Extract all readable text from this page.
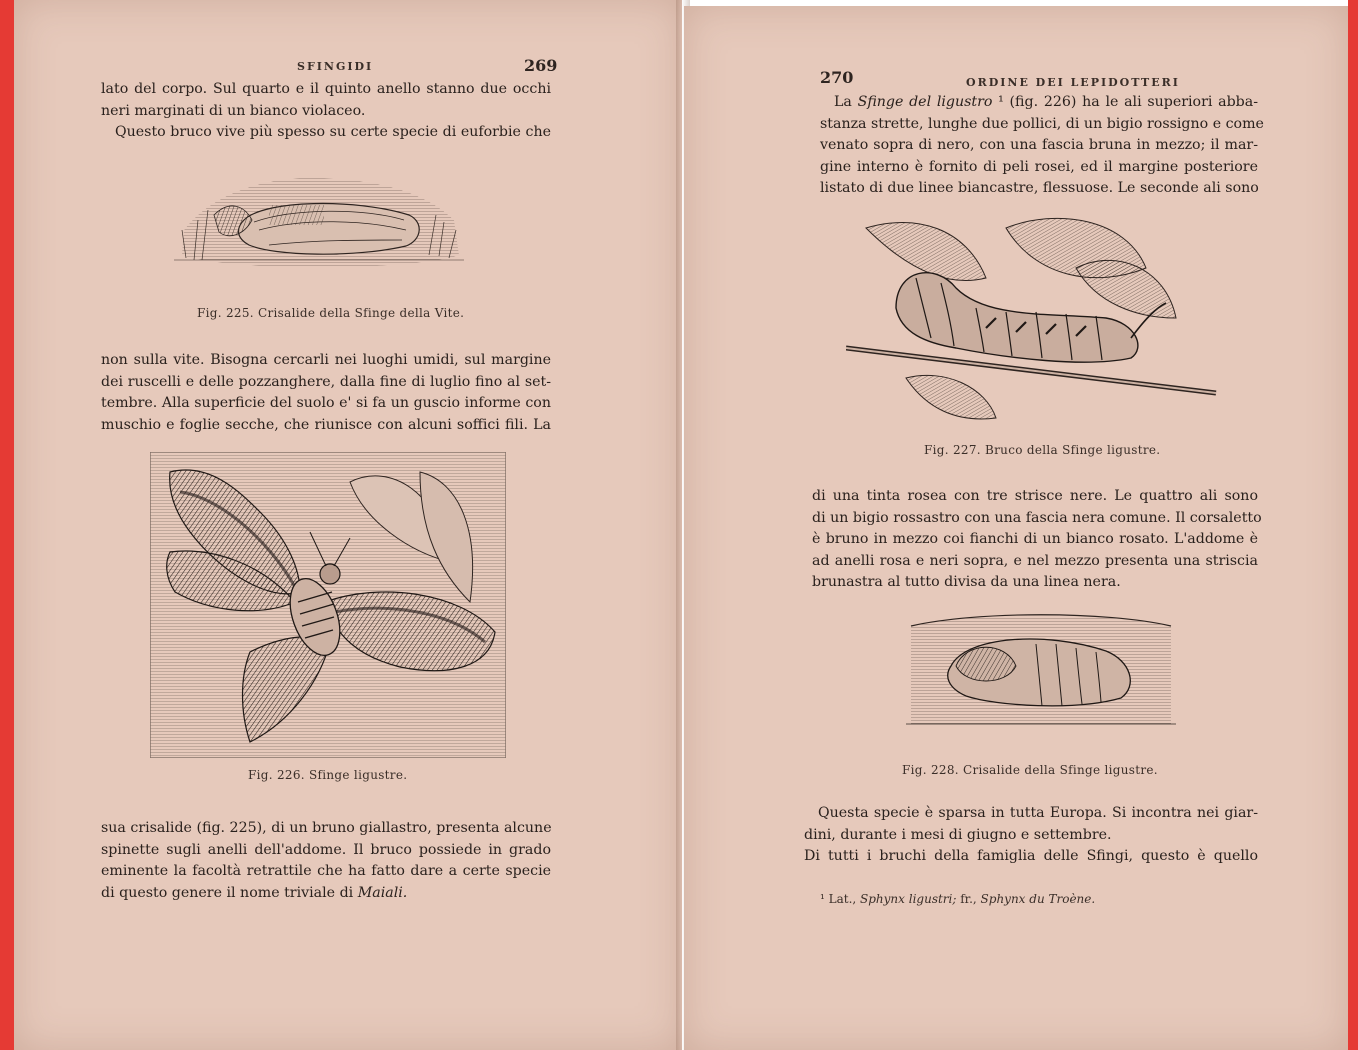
SFINGIDI	269
lato del corpo. Sul quarto e il quinto anello stanno due occhi
neri marginati di un bianco violaceo.
Questo bruco vive più spesso su certe specie di euforbie che
Fig. 225. Crisalide della Sfinge della Vite.
non sulla vite. Bisogna cercarli nei luoghi umidi, sul margine
dei ruscelli e delle pozzanghere, dalla fine di luglio fino al set-
tembre. Alla superficie del suolo e' si fa un guscio informe con
muschio e foglie secche, che riunisce con alcuni soffici fili. La
Fig. 226. Sfinge ligustre.
sua crisalide (fig. 225), di un bruno giallastro, presenta alcune
spinette sugli anelli dell'addome. Il bruco possiede in grado
eminente la facoltà retrattile che ha fatto dare a certe specie
di questo genere il nome triviale di Maiali.
270	ORDINE DEI LEPIDOTTERI
La Sfinge del ligustro ¹ (fig. 226) ha le ali superiori abba-
stanza strette, lunghe due pollici, di un bigio rossigno e come
venato sopra di nero, con una fascia bruna in mezzo; il mar-
gine interno è fornito di peli rosei, ed il margine posteriore
listato di due linee biancastre, flessuose. Le seconde ali sono
Fig. 227. Bruco della Sfinge ligustre.
di una tinta rosea con tre strisce nere. Le quattro ali sono
di un bigio rossastro con una fascia nera comune. Il corsaletto
è bruno in mezzo coi fianchi di un bianco rosato. L'addome è
ad anelli rosa e neri sopra, e nel mezzo presenta una striscia
brunastra al tutto divisa da una linea nera.
Fig. 228. Crisalide della Sfinge ligustre.
Questa specie è sparsa in tutta Europa. Si incontra nei giar-
dini, durante i mesi di giugno e settembre.
Di tutti i bruchi della famiglia delle Sfingi, questo è quello
¹ Lat., Sphynx ligustri; fr., Sphynx du Troène.
